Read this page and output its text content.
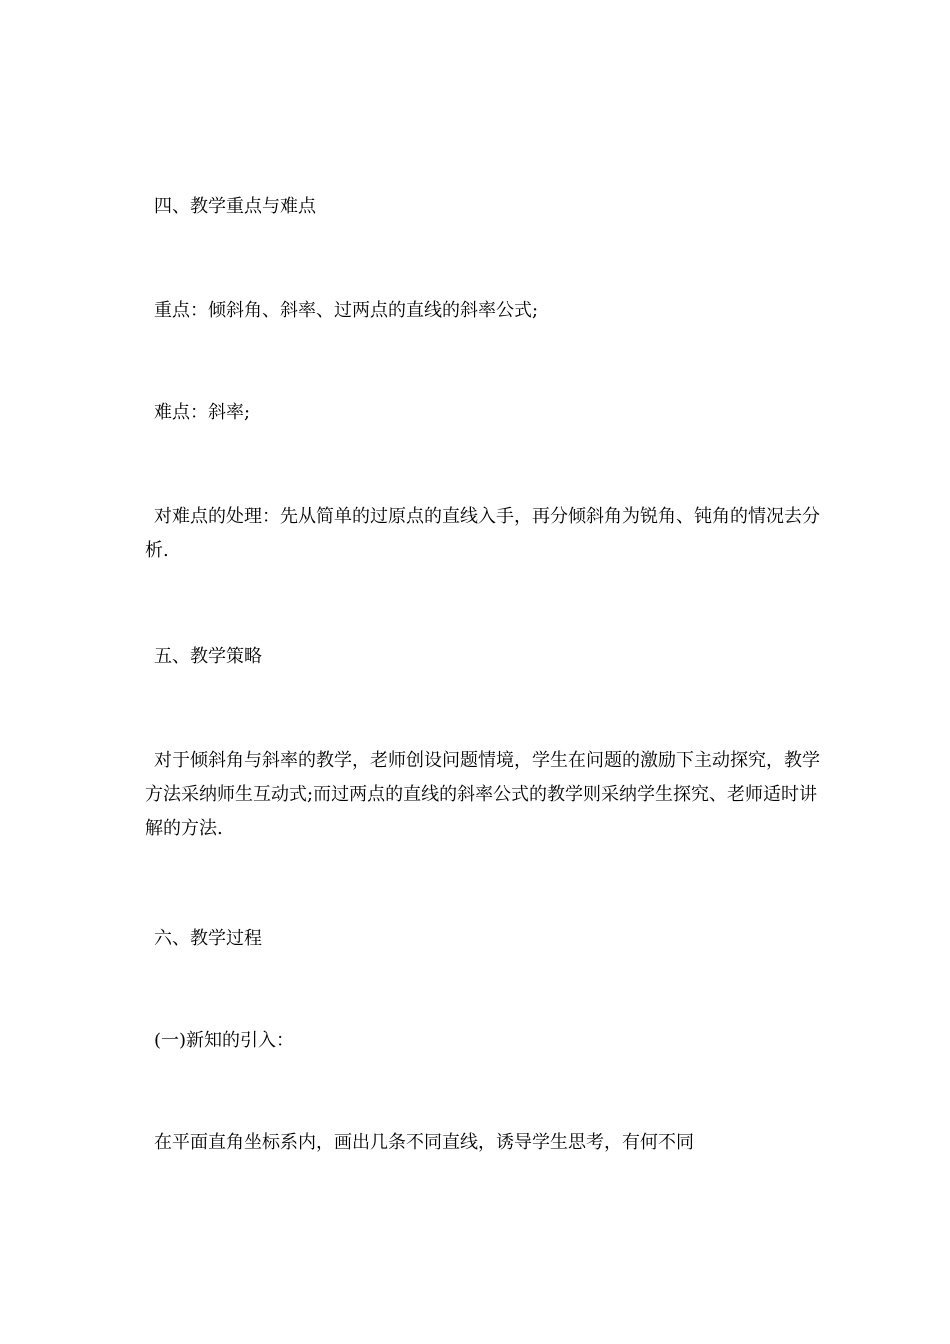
四、教学重点与难点

重点：倾斜角、斜率、过两点的直线的斜率公式;

难点：斜率;

对难点的处理：先从简单的过原点的直线入手，再分倾斜角为锐角、钝角的情况去分析.

五、教学策略

对于倾斜角与斜率的教学，老师创设问题情境，学生在问题的激励下主动探究，教学方法采纳师生互动式;而过两点的直线的斜率公式的教学则采纳学生探究、老师适时讲解的方法.

六、教学过程

(一)新知的引入：

在平面直角坐标系内，画出几条不同直线，诱导学生思考，有何不同
